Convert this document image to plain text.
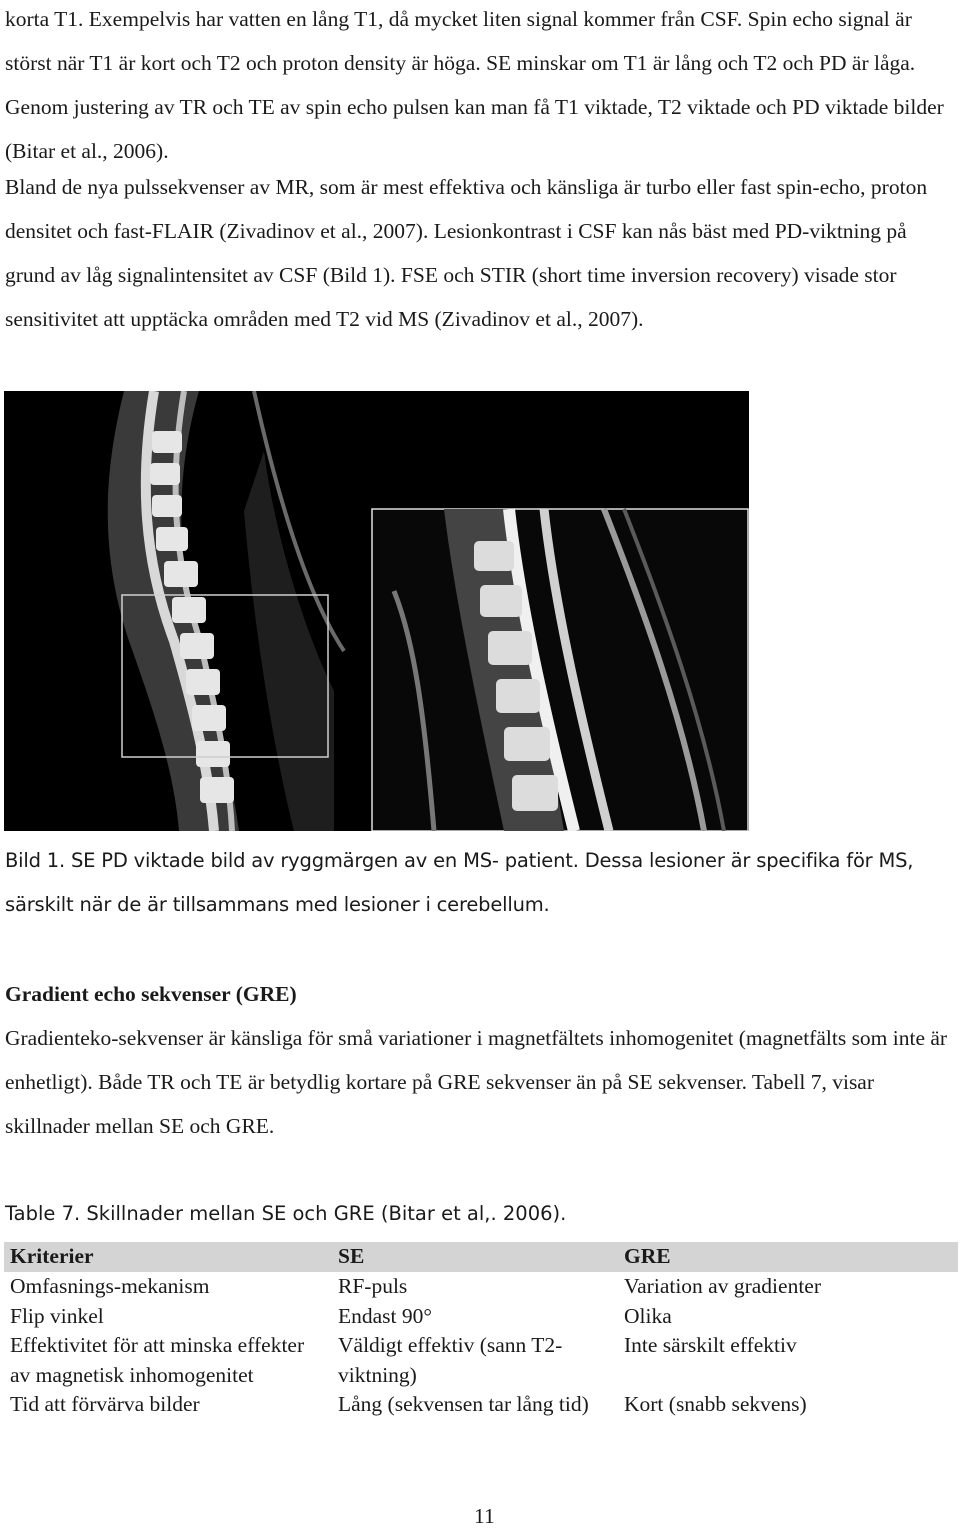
korta T1. Exempelvis har vatten en lång T1, då mycket liten signal kommer från CSF. Spin echo signal är störst när T1 är kort och T2 och proton density är höga. SE minskar om T1 är lång och T2 och PD är låga. Genom justering av TR och TE av spin echo pulsen kan man få T1 viktade, T2 viktade och PD viktade bilder (Bitar et al., 2006).

Bland de nya pulssekvenser av MR, som är mest effektiva och känsliga är turbo eller fast spin-echo, proton densitet och fast-FLAIR (Zivadinov et al., 2007). Lesionkontrast i CSF kan nås bäst med PD-viktning på grund av låg signalintensitet av CSF (Bild 1). FSE och STIR (short time inversion recovery) visade stor sensitivitet att upptäcka områden med T2 vid MS (Zivadinov et al., 2007).

Bild 1. SE PD viktade bild av ryggmärgen av en MS- patient. Dessa lesioner är specifika för MS, särskilt när de är tillsammans med lesioner i cerebellum.

Gradient echo sekvenser (GRE)

Gradienteko-sekvenser är känsliga för små variationer i magnetfältets inhomogenitet (magnetfälts som inte är enhetligt). Både TR och TE är betydlig kortare på GRE sekvenser än på SE sekvenser. Tabell 7, visar skillnader mellan SE och GRE.

Table 7. Skillnader mellan SE och GRE (Bitar et al,. 2006).

Kriterier	SE	GRE
Omfasnings-mekanism	RF-puls	Variation av gradienter
Flip vinkel	Endast 90°	Olika
Effektivitet för att minska effekter av magnetisk inhomogenitet	Väldigt effektiv (sann T2-viktning)	Inte särskilt effektiv
Tid att förvärva bilder	Lång (sekvensen tar lång tid)	Kort (snabb sekvens)
11
